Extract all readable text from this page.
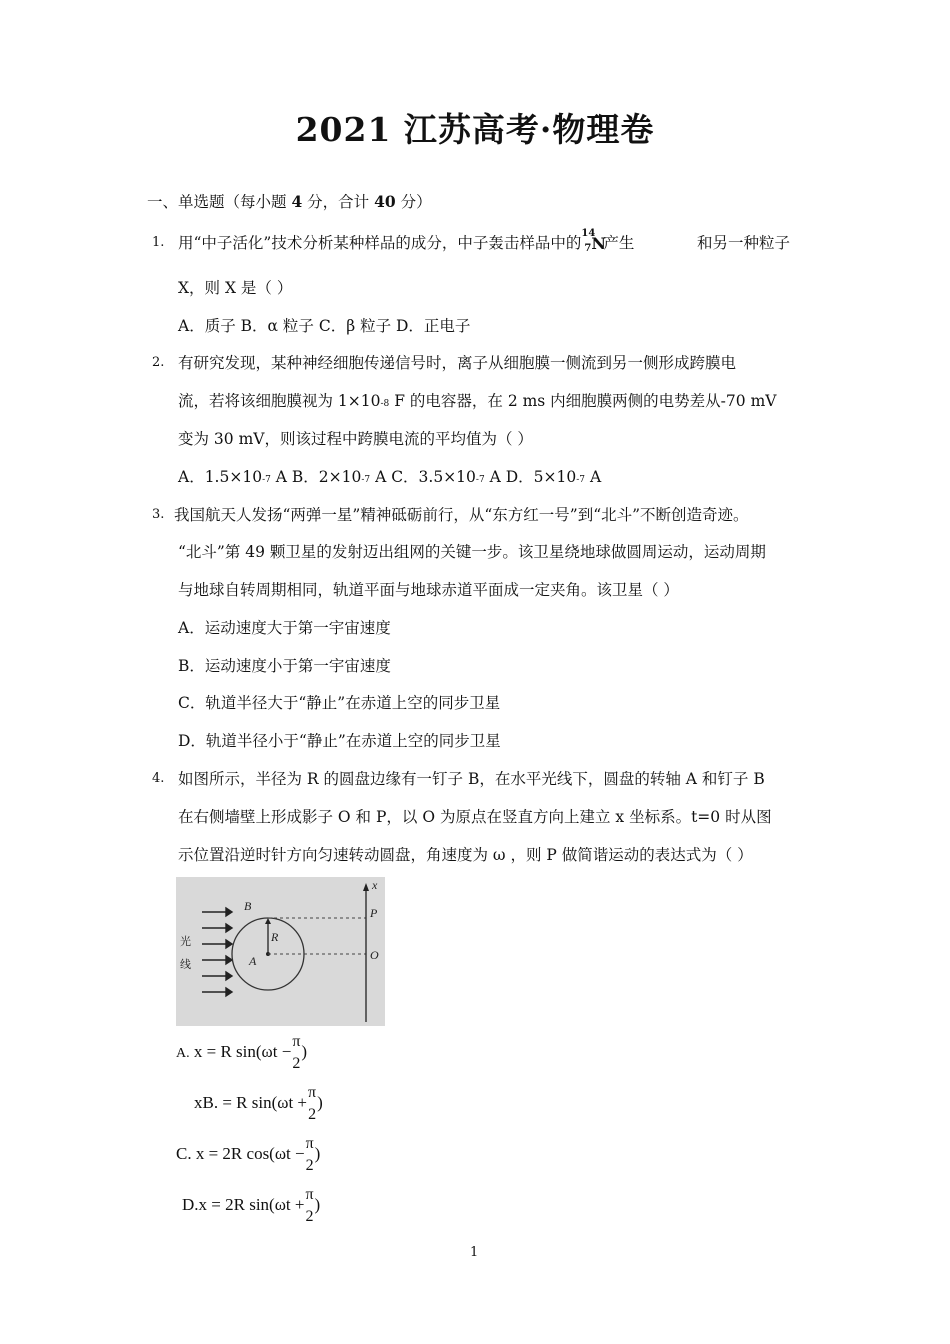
2021 江苏高考·物理卷
一、单选题（每小题 4 分，合计 40 分）
1. 用“中子活化”技术分析某种样品的成分，中子轰击样品中的
14
7 N
产生	和另一种粒子
X，则 X 是（ ）
A．质子 B．α 粒子 C．β 粒子 D．正电子
2. 有研究发现，某种神经细胞传递信号时，离子从细胞膜一侧流到另一侧形成跨膜电
流，若将该细胞膜视为 1×10-8 F 的电容器，在 2 ms 内细胞膜两侧的电势差从-70 mV
变为 30 mV，则该过程中跨膜电流的平均值为（ ）
A．1.5×10-7 A B．2×10-7 A C．3.5×10-7 A D．5×10-7 A
3. 我国航天人发扬“两弹一星”精神砥砺前行，从“东方红一号”到“北斗”不断创造奇迹。
“北斗”第 49 颗卫星的发射迈出组网的关键一步。该卫星绕地球做圆周运动，运动周期
与地球自转周期相同，轨道平面与地球赤道平面成一定夹角。该卫星（ ）
A．运动速度大于第一宇宙速度
B．运动速度小于第一宇宙速度
C．轨道半径大于“静止”在赤道上空的同步卫星
D．轨道半径小于“静止”在赤道上空的同步卫星
4. 如图所示，半径为 R 的圆盘边缘有一钉子 B，在水平光线下，圆盘的转轴 A 和钉子 B
在右侧墙壁上形成影子 O 和 P，以 O 为原点在竖直方向上建立 x 坐标系。t=0 时从图
示位置沿逆时针方向匀速转动圆盘，角速度为 ω ，则 P 做简谐运动的表达式为（ ）
B
R
A
P
O
x
光
线
A. x = R sin(ωt −
π
2
)
xB. = R sin(ωt +
π
2
)
C. x = 2R cos(ωt −
π
2
)
D.x = 2R sin(ωt +
π
2
)
1
